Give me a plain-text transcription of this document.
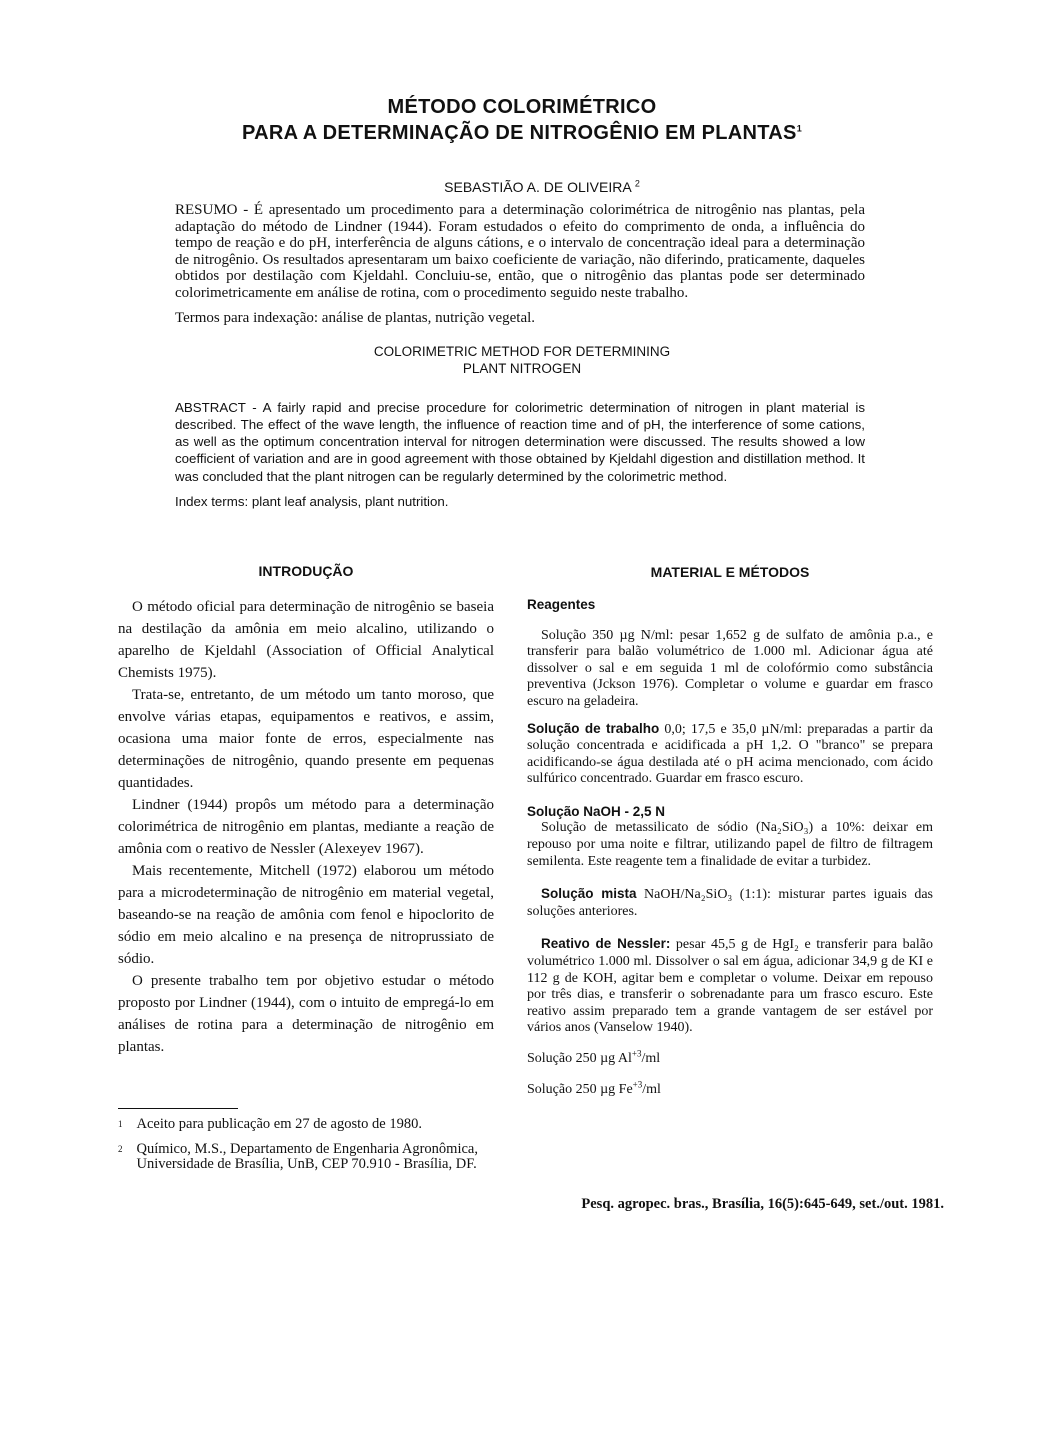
MÉTODO COLORIMÉTRICO
PARA A DETERMINAÇÃO DE NITROGÊNIO EM PLANTAS$^1$
SEBASTIÃO A. DE OLIVEIRA $^2$
RESUMO - É apresentado um procedimento para a determinação colorimétrica de nitrogênio nas plantas, pela adaptação do método de Lindner (1944). Foram estudados o efeito do comprimento de onda, a influência do tempo de reação e do pH, interferência de alguns cátions, e o intervalo de concentração ideal para a determinação de nitrogênio. Os resultados apresentaram um baixo coeficiente de variação, não diferindo, praticamente, daqueles obtidos por destilação com Kjeldahl. Concluiu-se, então, que o nitrogênio das plantas pode ser determinado colorimetricamente em análise de rotina, com o procedimento seguido neste trabalho.
Termos para indexação: análise de plantas, nutrição vegetal.
COLORIMETRIC METHOD FOR DETERMINING
PLANT NITROGEN
ABSTRACT - A fairly rapid and precise procedure for colorimetric determination of nitrogen in plant material is described. The effect of the wave length, the influence of reaction time and of pH, the interference of some cations, as well as the optimum concentration interval for nitrogen determination were discussed. The results showed a low coefficient of variation and are in good agreement with those obtained by Kjeldahl digestion and distillation method. It was concluded that the plant nitrogen can be regularly determined by the colorimetric method.
Index terms: plant leaf analysis, plant nutrition.
INTRODUÇÃO

O método oficial para determinação de nitrogênio se baseia na destilação da amônia em meio alcalino, utilizando o aparelho de Kjeldahl (Association of Official Analytical Chemists 1975).

Trata-se, entretanto, de um método um tanto moroso, que envolve várias etapas, equipamentos e reativos, e assim, ocasiona uma maior fonte de erros, especialmente nas determinações de nitrogênio, quando presente em pequenas quantidades.

Lindner (1944) propôs um método para a determinação colorimétrica de nitrogênio em plantas, mediante a reação de amônia com o reativo de Nessler (Alexeyev 1967).

Mais recentemente, Mitchell (1972) elaborou um método para a microdeterminação de nitrogênio em material vegetal, baseando-se na reação de amônia com fenol e hipoclorito de sódio em meio alcalino e na presença de nitroprussiato de sódio.

O presente trabalho tem por objetivo estudar o método proposto por Lindner (1944), com o intuito de empregá-lo em análises de rotina para a determinação de nitrogênio em plantas.

1 Aceito para publicação em 27 de agosto de 1980.
2 Químico, M.S., Departamento de Engenharia Agronômica, Universidade de Brasília, UnB, CEP 70.910 - Brasília, DF.
MATERIAL E MÉTODOS
Reagentes

Solução 350 µg N/ml: pesar 1,652 g de sulfato de amônia p.a., e transferir para balão volumétrico de 1.000 ml. Adicionar água até dissolver o sal e em seguida 1 ml de colofórmio como substância preventiva (Jckson 1976). Completar o volume e guardar em frasco escuro na geladeira.

Solução de trabalho 0,0; 17,5 e 35,0 µN/ml: preparadas a partir da solução concentrada e acidificada a pH 1,2. O "branco" se prepara acidificando-se água destilada até o pH acima mencionado, com ácido sulfúrico concentrado. Guardar em frasco escuro.

Solução NaOH - 2,5 N

Solução de metassilicato de sódio (Na₂SiO₃) a 10%: deixar em repouso por uma noite e filtrar, utilizando papel de filtro de filtragem semilenta. Este reagente tem a finalidade de evitar a turbidez.

Solução mista NaOH/Na₂SiO₃ (1:1): misturar partes iguais das soluções anteriores.

Reativo de Nessler: pesar 45,5 g de HgI₂ e transferir para balão volumétrico 1.000 ml. Dissolver o sal em água, adicionar 34,9 g de KI e 112 g de KOH, agitar bem e completar o volume. Deixar em repouso por três dias, e transferir o sobrenadante para um frasco escuro. Este reativo assim preparado tem a grande vantagem de ser estável por vários anos (Vanselow 1940).

Solução 250 µg $Al^{+3}/ml$

Solução 250 µg $Fe^{+3}/ml$

Pesq. agropec. bras., Brasília, 16(5):645-649, set./out. 1981.
